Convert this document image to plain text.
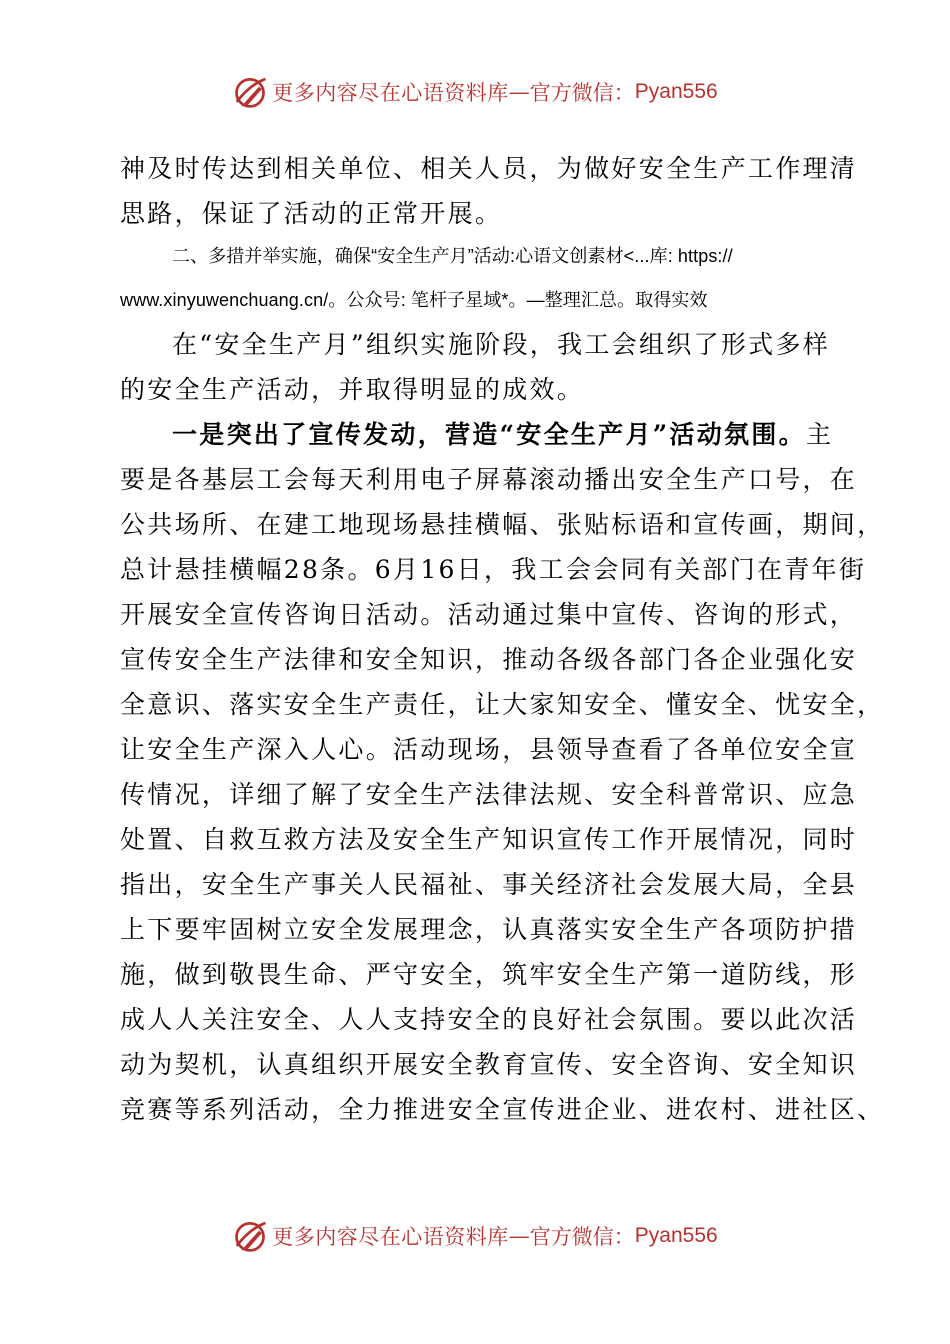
更多内容尽在心语资料库 — 官方微信： Pyan556
神及时传达到相关单位、相关人员，为做好安全生产工作理清
思路，保证了活动的正常开展。
二、多措并举实施，确保“安全生产月”活动:心语文创素材<...库: https://
www.xinyuwenchuang.cn/。公众号: 笔杆子星域*。—整理汇总。取得实效
在“安全生产月”组织实施阶段，我工会组织了形式多样
的安全生产活动，并取得明显的成效。
一是突出了宣传发动，营造“安全生产月”活动氛围。主
要是各基层工会每天利用电子屏幕滚动播出安全生产口号，在
公共场所、在建工地现场悬挂横幅、张贴标语和宣传画，期间，
总计悬挂横幅28条。6月16日，我工会会同有关部门在青年街
开展安全宣传咨询日活动。活动通过集中宣传、咨询的形式，
宣传安全生产法律和安全知识，推动各级各部门各企业强化安
全意识、落实安全生产责任，让大家知安全、懂安全、忧安全，
让安全生产深入人心。活动现场，县领导查看了各单位安全宣
传情况，详细了解了安全生产法律法规、安全科普常识、应急
处置、自救互救方法及安全生产知识宣传工作开展情况，同时
指出，安全生产事关人民福祉、事关经济社会发展大局，全县
上下要牢固树立安全发展理念，认真落实安全生产各项防护措
施，做到敬畏生命、严守安全，筑牢安全生产第一道防线，形
成人人关注安全、人人支持安全的良好社会氛围。要以此次活
动为契机，认真组织开展安全教育宣传、安全咨询、安全知识
竞赛等系列活动，全力推进安全宣传进企业、进农村、进社区、
更多内容尽在心语资料库 — 官方微信： Pyan556
